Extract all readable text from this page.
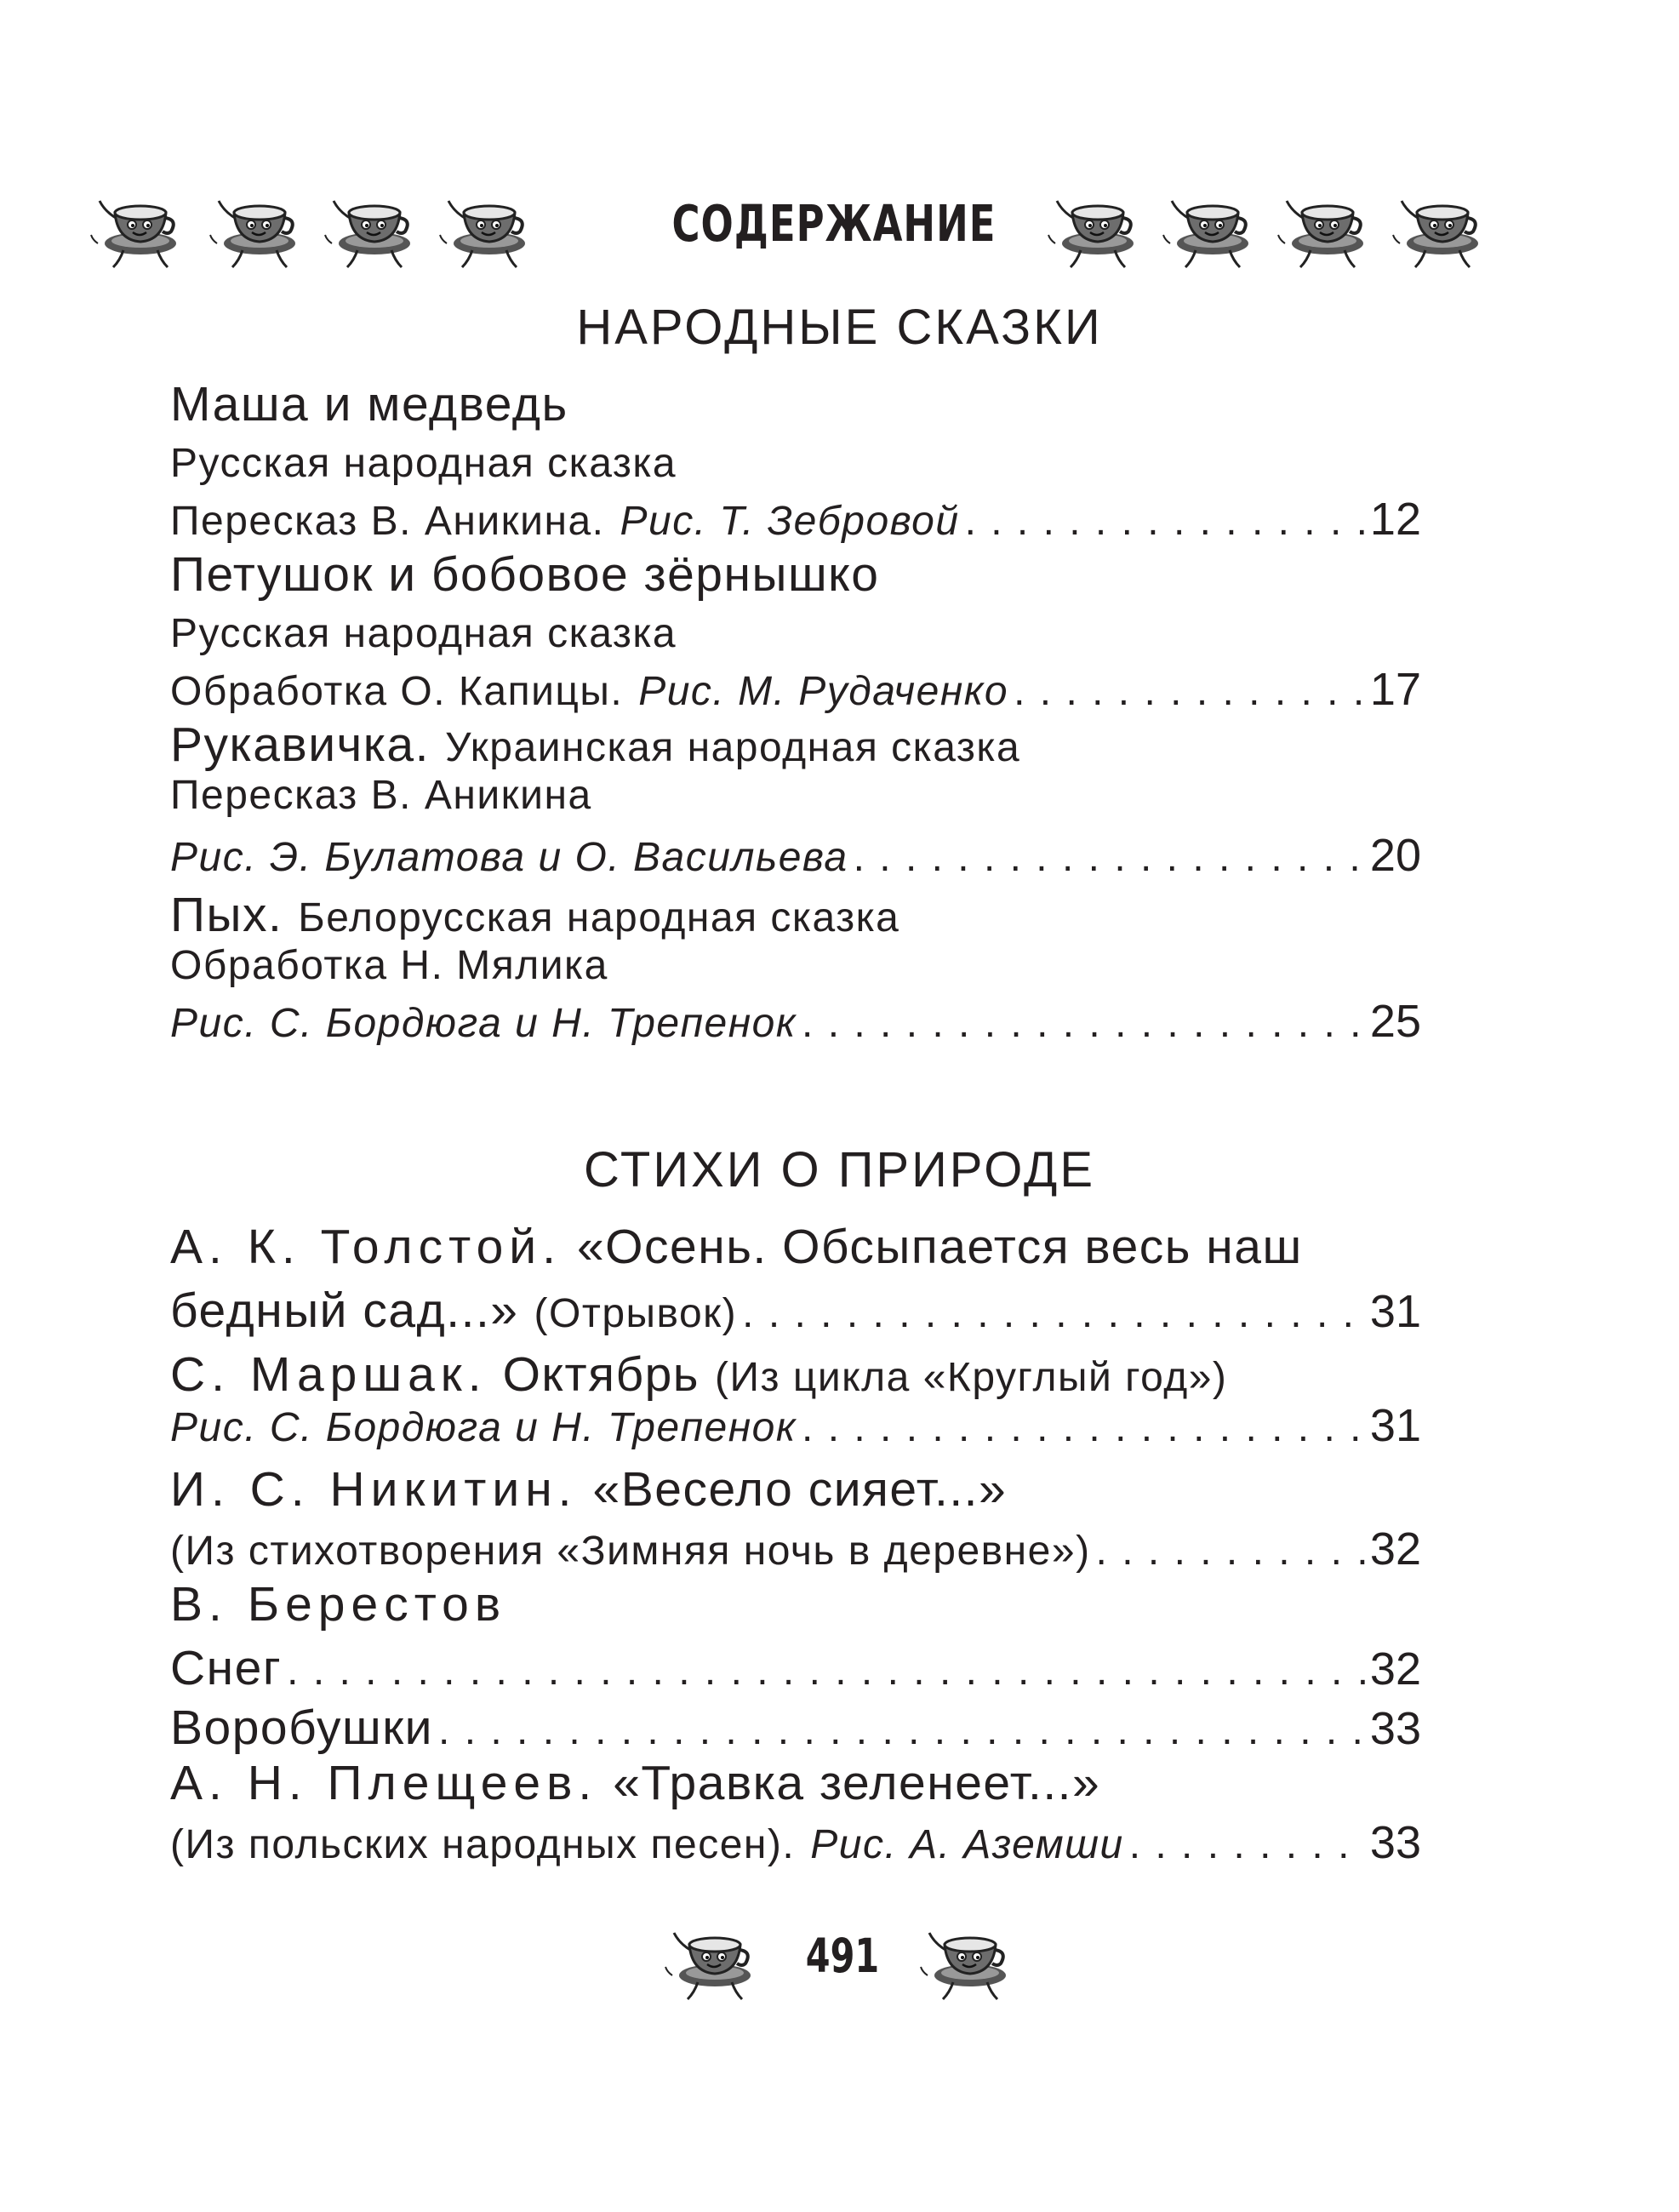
СОДЕРЖАНИЕ
НАРОДНЫЕ СКАЗКИ
Маша и медведь
Русская народная сказка
Пересказ В. Аникина. Рис. Т. Зебровой . . .	12
Петушок и бобовое зёрнышко
Русская народная сказка
Обработка О. Капицы. Рис. М. Рудаченко . . .	17
Рукавичка. Украинская народная сказка
Пересказ В. Аникина
Рис. Э. Булатова и О. Васильева . . .	20
Пых. Белорусская народная сказка
Обработка Н. Мялика
Рис. С. Бордюга и Н. Трепенок . . .	25
А. К. Толстой. «Осень. Обсыпается весь наш
бедный сад...» (Отрывок) . . .	31
С. Маршак. Октябрь (Из цикла «Круглый год»)
Рис. С. Бордюга и Н. Трепенок . . .	31
И. С. Никитин. «Весело сияет...»
(Из стихотворения «Зимняя ночь в деревне») . . .	32
В. Берестов
Снег . . .	32
Воробушки . . .	33
А. Н. Плещеев. «Травка зеленеет...»
(Из польских народных песен). Рис. А. Аземши . . .	33
СТИХИ О ПРИРОДЕ
491
